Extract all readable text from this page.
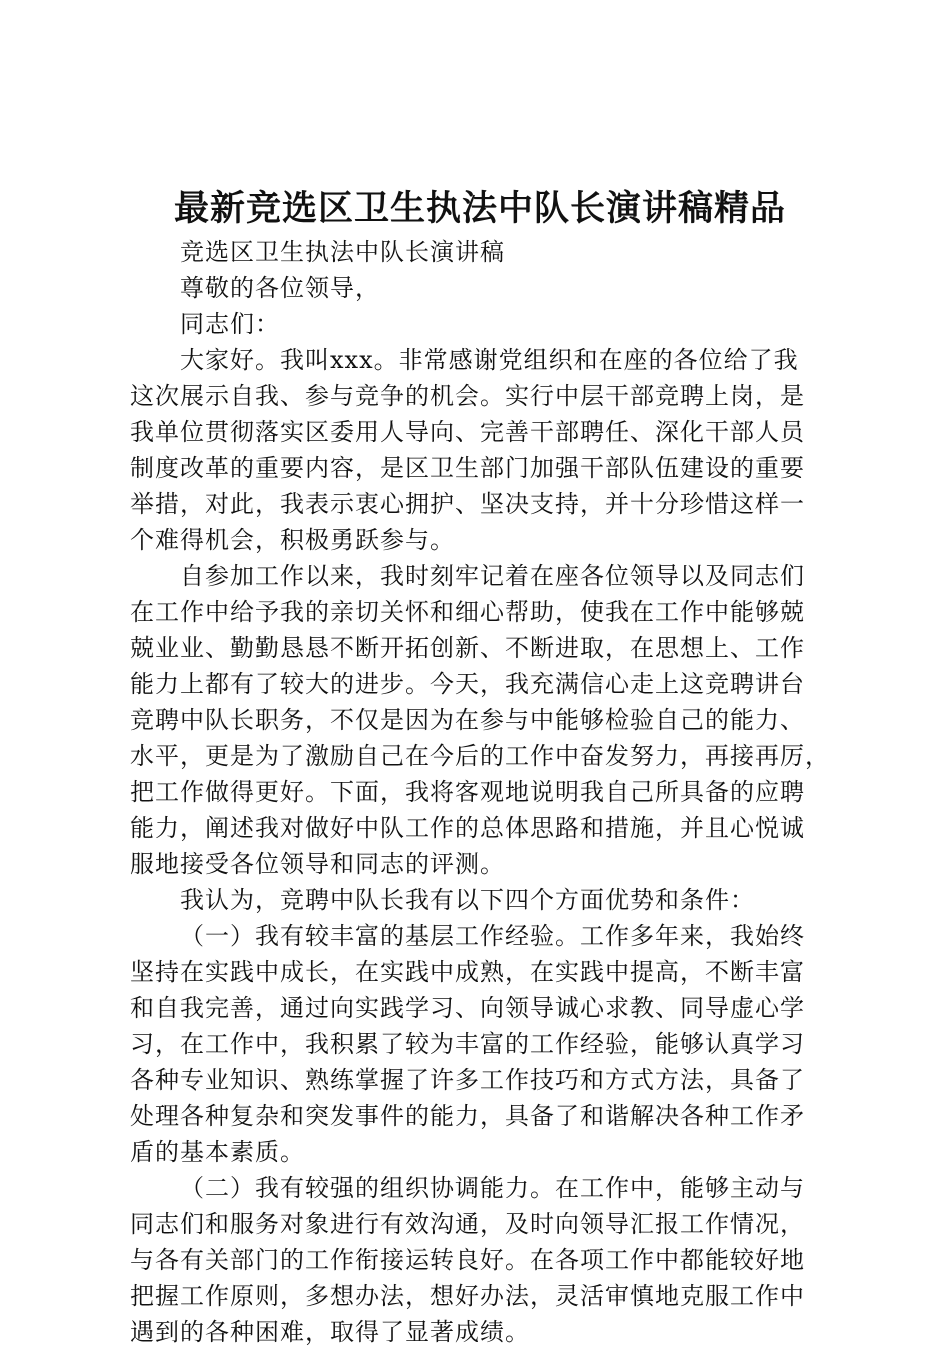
最新竞选区卫生执法中队长演讲稿精品
竞选区卫生执法中队长演讲稿
尊敬的各位领导，
同志们：
大家好。我叫xxx。非常感谢党组织和在座的各位给了我
这次展示自我、参与竞争的机会。实行中层干部竞聘上岗，是
我单位贯彻落实区委用人导向、完善干部聘任、深化干部人员
制度改革的重要内容，是区卫生部门加强干部队伍建设的重要
举措，对此，我表示衷心拥护、坚决支持，并十分珍惜这样一
个难得机会，积极勇跃参与。
自参加工作以来，我时刻牢记着在座各位领导以及同志们
在工作中给予我的亲切关怀和细心帮助，使我在工作中能够兢
兢业业、勤勤恳恳不断开拓创新、不断进取，在思想上、工作
能力上都有了较大的进步。今天，我充满信心走上这竞聘讲台
竞聘中队长职务，不仅是因为在参与中能够检验自己的能力、
水平，更是为了激励自己在今后的工作中奋发努力，再接再厉，
把工作做得更好。下面，我将客观地说明我自己所具备的应聘
能力，阐述我对做好中队工作的总体思路和措施，并且心悦诚
服地接受各位领导和同志的评测。
我认为，竞聘中队长我有以下四个方面优势和条件：
（一）我有较丰富的基层工作经验。工作多年来，我始终
坚持在实践中成长，在实践中成熟，在实践中提高，不断丰富
和自我完善，通过向实践学习、向领导诚心求教、同导虚心学
习，在工作中，我积累了较为丰富的工作经验，能够认真学习
各种专业知识、熟练掌握了许多工作技巧和方式方法，具备了
处理各种复杂和突发事件的能力，具备了和谐解决各种工作矛
盾的基本素质。
（二）我有较强的组织协调能力。在工作中，能够主动与
同志们和服务对象进行有效沟通，及时向领导汇报工作情况，
与各有关部门的工作衔接运转良好。在各项工作中都能较好地
把握工作原则，多想办法，想好办法，灵活审慎地克服工作中
遇到的各种困难，取得了显著成绩。
